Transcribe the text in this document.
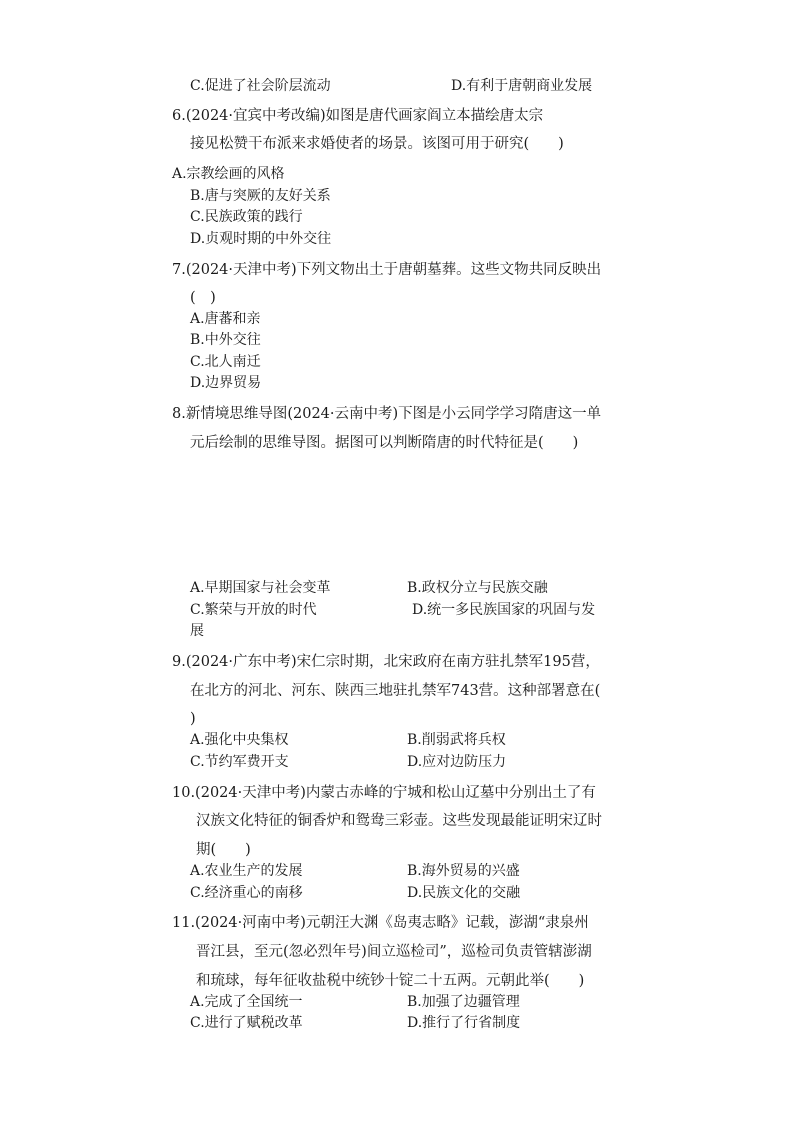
C.促进了社会阶层流动	D.有利于唐朝商业发展
6.(2024·宜宾中考改编)如图是唐代画家阎立本描绘唐太宗
接见松赞干布派来求婚使者的场景。该图可用于研究(　　)
A.宗教绘画的风格
B.唐与突厥的友好关系
C.民族政策的践行
D.贞观时期的中外交往
7.(2024·天津中考)下列文物出土于唐朝墓葬。这些文物共同反映出
(　)
A.唐蕃和亲
B.中外交往
C.北人南迁
D.边界贸易
8.新情境思维导图(2024·云南中考)下图是小云同学学习隋唐这一单
元后绘制的思维导图。据图可以判断隋唐的时代特征是(　　)
A.早期国家与社会变革	B.政权分立与民族交融
C.繁荣与开放的时代	D.统一多民族国家的巩固与发
展
9.(2024·广东中考)宋仁宗时期，北宋政府在南方驻扎禁军195营，
在北方的河北、河东、陕西三地驻扎禁军743营。这种部署意在(
)
A.强化中央集权	B.削弱武将兵权
C.节约军费开支	D.应对边防压力
10.(2024·天津中考)内蒙古赤峰的宁城和松山辽墓中分别出土了有
汉族文化特征的铜香炉和鸳鸯三彩壶。这些发现最能证明宋辽时
期(　　)
A.农业生产的发展	B.海外贸易的兴盛
C.经济重心的南移	D.民族文化的交融
11.(2024·河南中考)元朝汪大渊《岛夷志略》记载，澎湖“隶泉州
晋江县，至元(忽必烈年号)间立巡检司”，巡检司负责管辖澎湖
和琉球，每年征收盐税中统钞十锭二十五两。元朝此举(　　)
A.完成了全国统一	B.加强了边疆管理
C.进行了赋税改革	D.推行了行省制度
